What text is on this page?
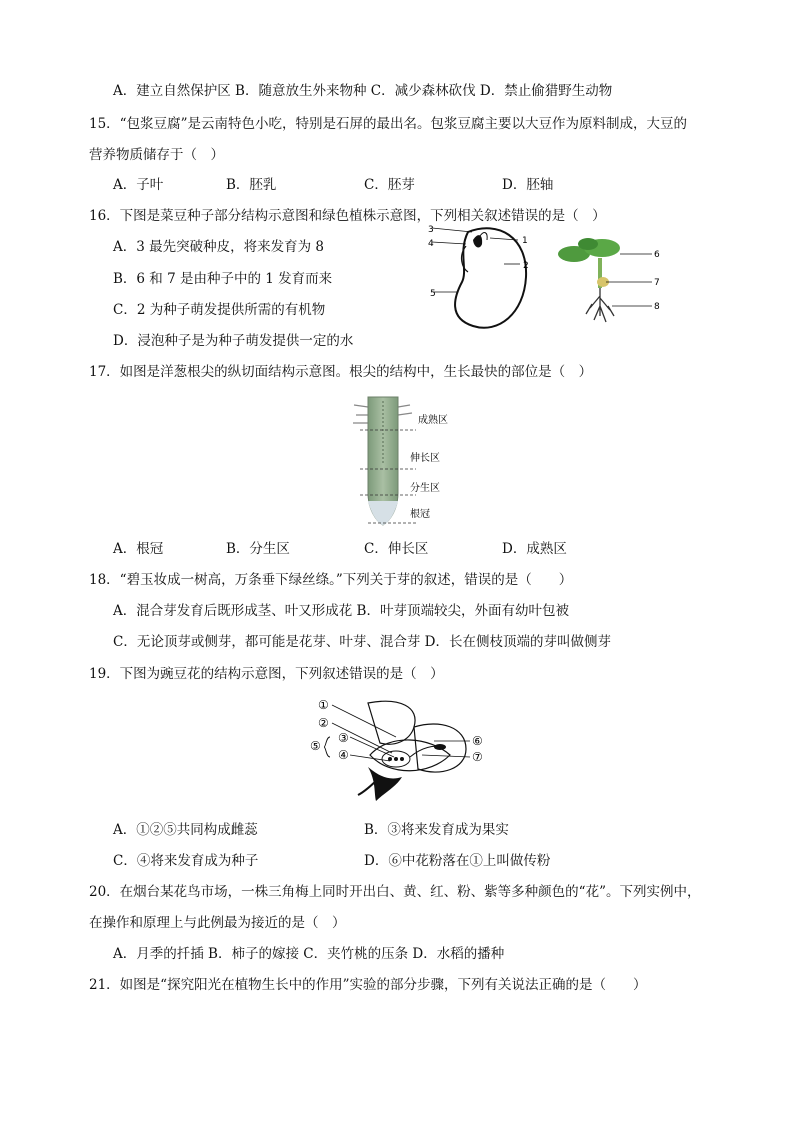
A．建立自然保护区 B．随意放生外来物种 C．减少森林砍伐 D．禁止偷猎野生动物
15．“包浆豆腐”是云南特色小吃，特别是石屏的最出名。包浆豆腐主要以大豆作为原料制成，大豆的
营养物质储存于（　）
A．子叶	B．胚乳	C．胚芽	D．胚轴
16．下图是菜豆种子部分结构示意图和绿色植株示意图，下列相关叙述错误的是（　）
A．3 最先突破种皮，将来发育为 8
B．6 和 7 是由种子中的 1 发育而来
C．2 为种子萌发提供所需的有机物
D．浸泡种子是为种子萌发提供一定的水
3
4	1
2
5
6
7
8
17．如图是洋葱根尖的纵切面结构示意图。根尖的结构中，生长最快的部位是（　）
成熟区
伸长区
分生区
根冠
A．根冠	B．分生区	C．伸长区	D．成熟区
18．“碧玉妆成一树高，万条垂下绿丝绦。”下列关于芽的叙述，错误的是（　　）
A．混合芽发育后既形成茎、叶又形成花 B．叶芽顶端较尖，外面有幼叶包被
C．无论顶芽或侧芽，都可能是花芽、叶芽、混合芽 D．长在侧枝顶端的芽叫做侧芽
19．下图为豌豆花的结构示意图，下列叙述错误的是（　）
①
②
③
⑤
④
⑥
⑦
A．①②⑤共同构成雌蕊	B．③将来发育成为果实
C．④将来发育成为种子	D．⑥中花粉落在①上叫做传粉
20．在烟台某花鸟市场，一株三角梅上同时开出白、黄、红、粉、紫等多种颜色的“花”。下列实例中，
在操作和原理上与此例最为接近的是（　）
A．月季的扦插 B．柿子的嫁接 C．夹竹桃的压条 D．水稻的播种
21．如图是“探究阳光在植物生长中的作用”实验的部分步骤，下列有关说法正确的是（　　）
